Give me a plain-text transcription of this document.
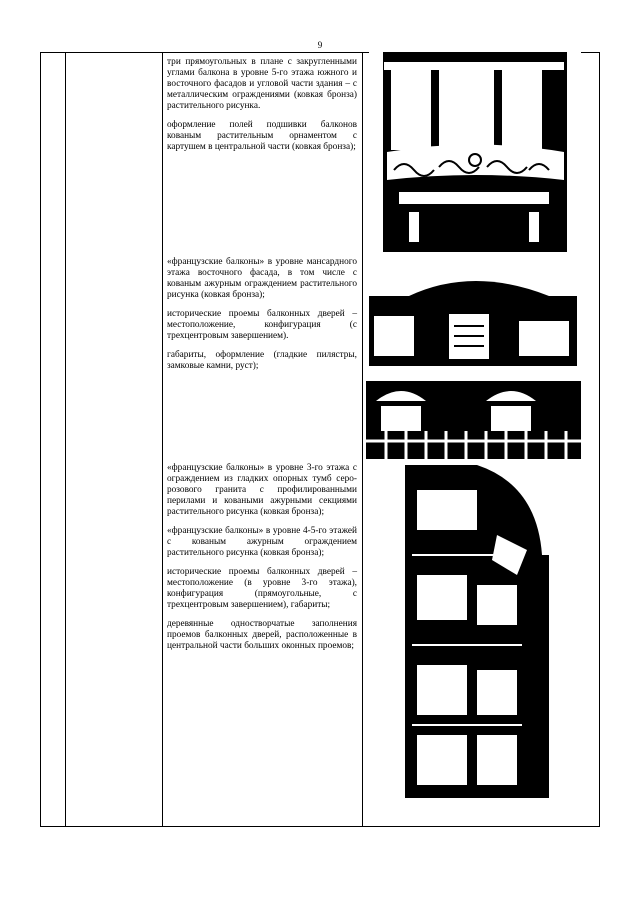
9

три прямоугольных в плане с закругленными углами балкона в уровне 5-го этажа южного и восточного фасадов и угловой части здания – с металлическим ограждениями (ковкая бронза) растительного рисунка.

оформление полей подшивки балконов кованым растительным орнаментом с картушем в центральной части (ковкая бронза);

«французские балконы» в уровне мансардного этажа восточного фасада, в том числе с кованым ажурным ограждением растительного рисунка (ковкая бронза);

исторические проемы балконных дверей – местоположение, конфигурация (с трехцентровым завершением).

габариты, оформление (гладкие пилястры, замковые камни, руст);

«французские балконы» в уровне 3-го этажа с ограждением из гладких опорных тумб серо-розового гранита с профилированными перилами и коваными ажурными секциями растительного рисунка (ковкая бронза);

«французские балконы» в уровне 4-5-го этажей с кованым ажурным ограждением растительного рисунка (ковкая бронза);

исторические проемы балконных дверей – местоположение (в уровне 3-го этажа), конфигурация (прямоугольные, с трехцентровым завершением), габариты;

деревянные одностворчатые заполнения проемов балконных дверей, расположенные в центральной части больших оконных проемов;
